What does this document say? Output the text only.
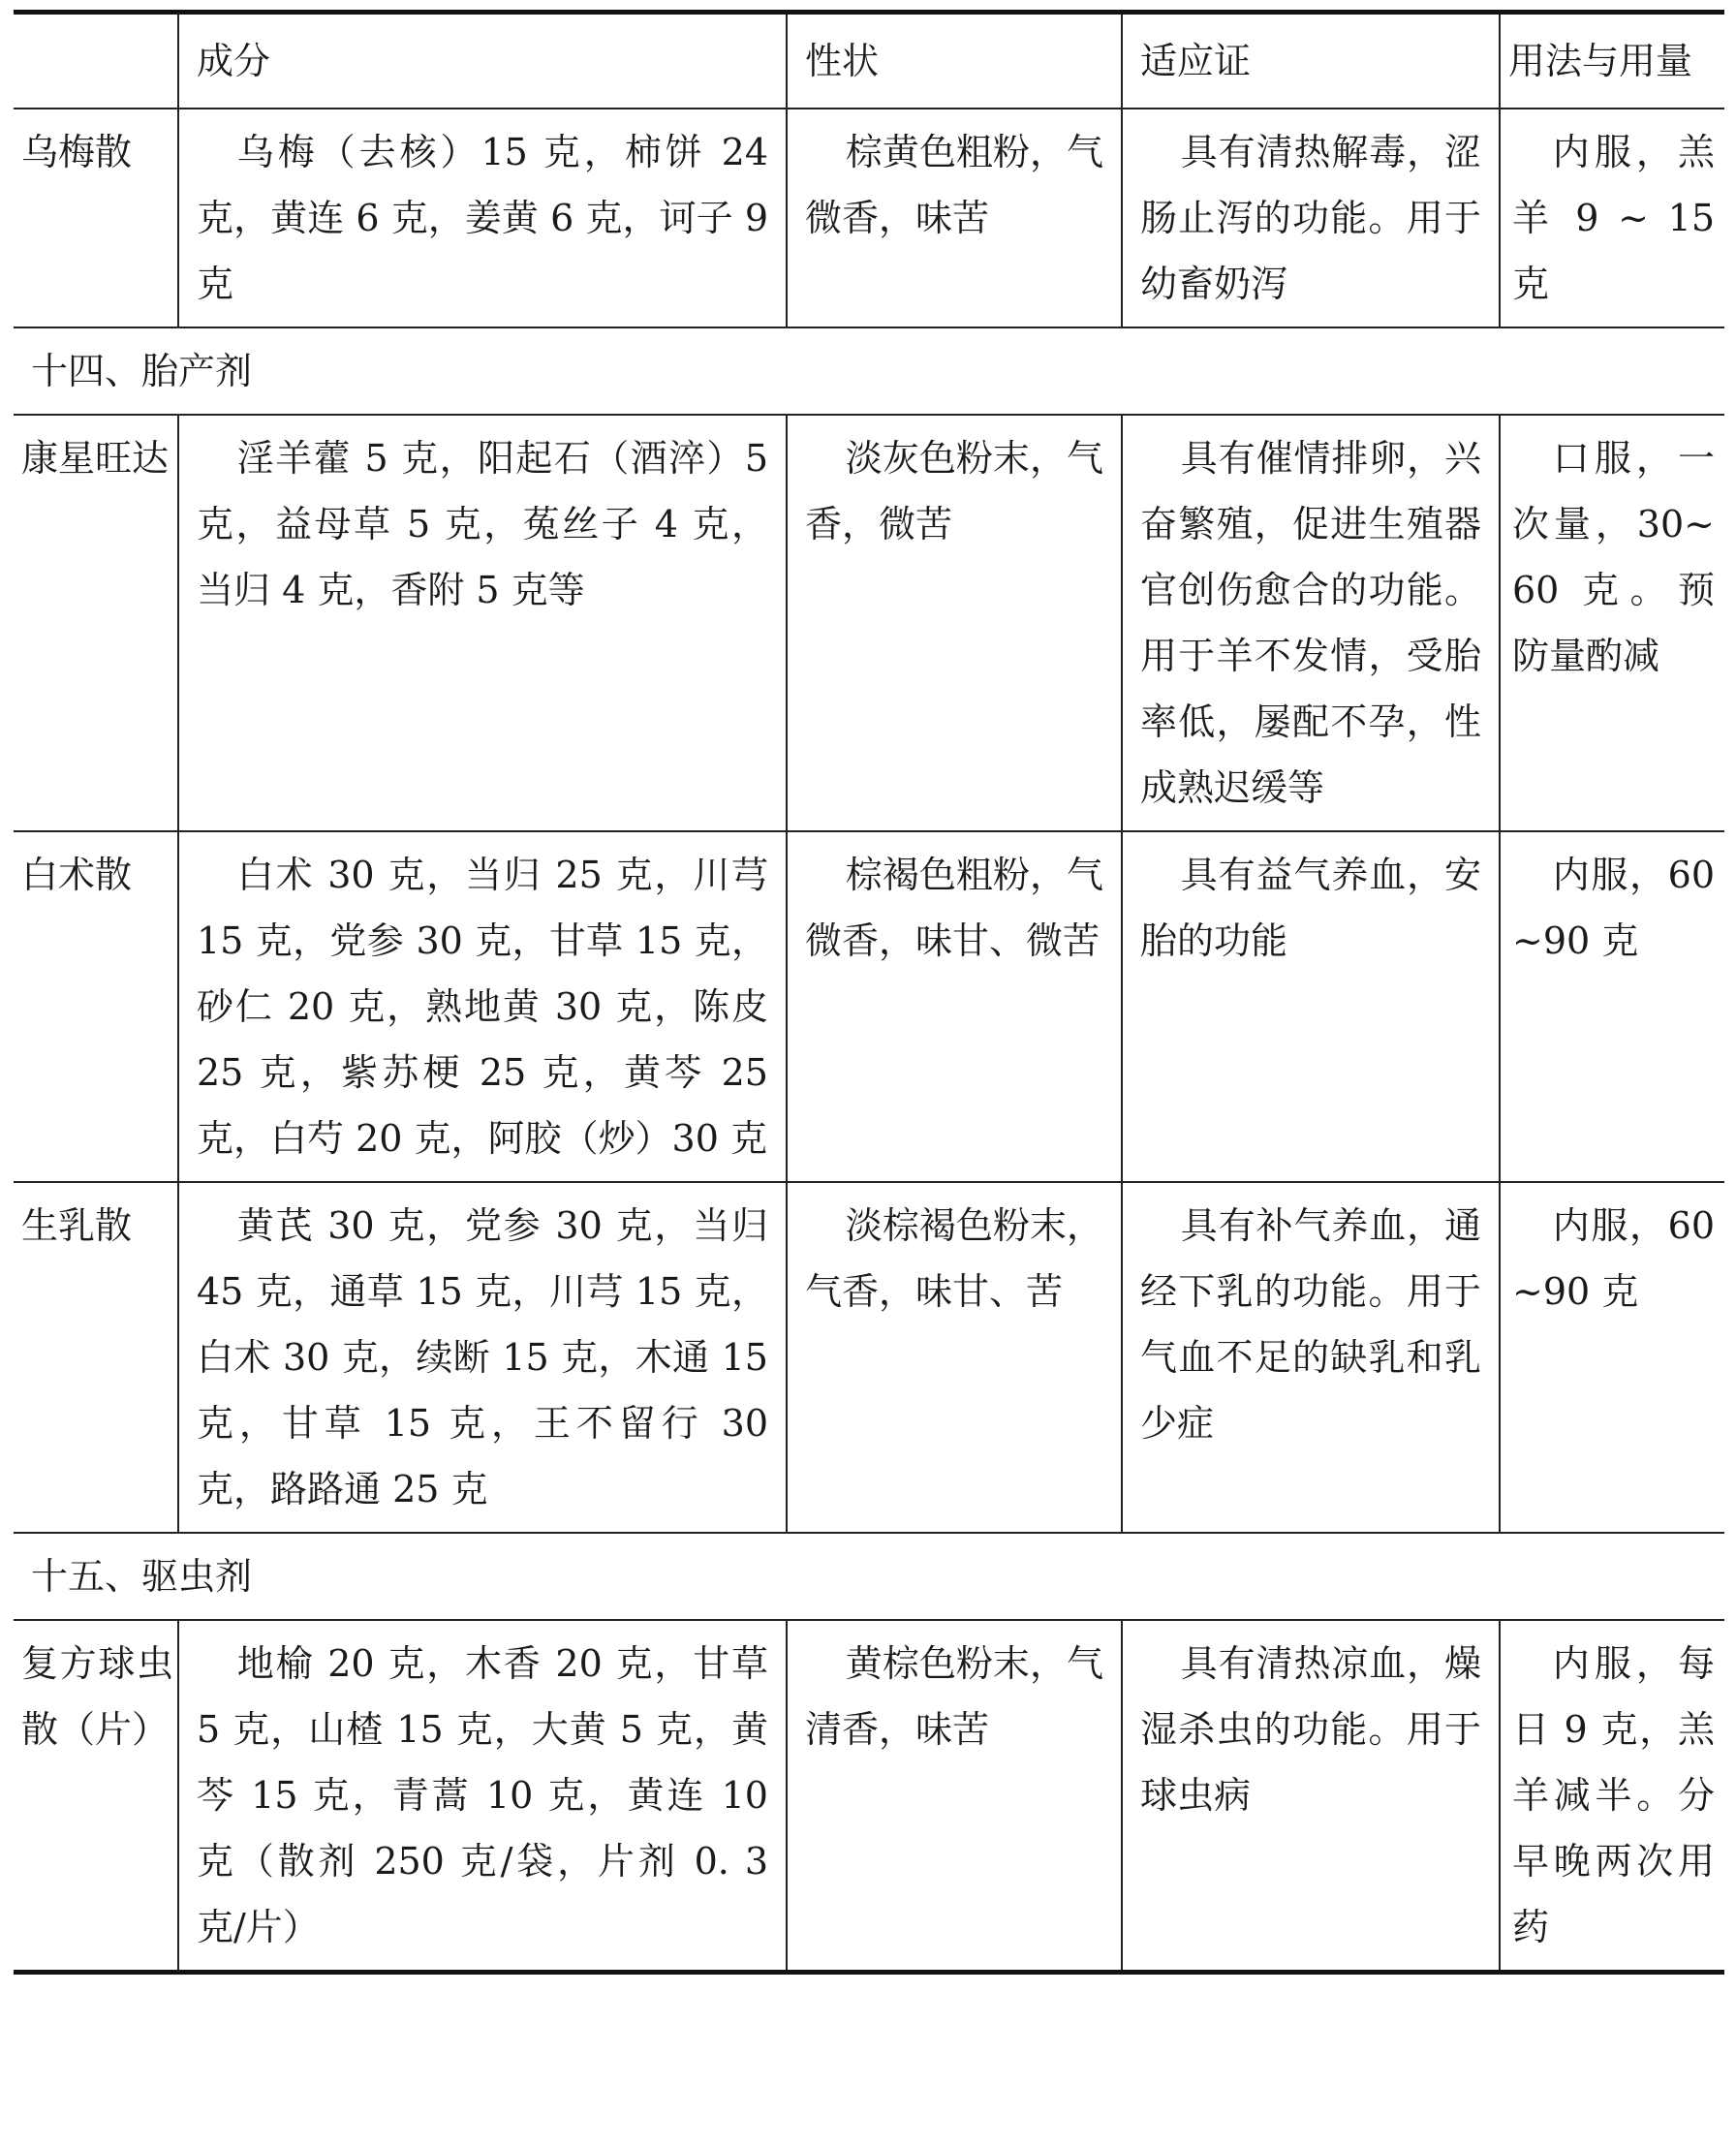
	成分	性状	适应证	用法与用量
乌梅散	乌梅（去核）15 克，柿饼 24 克，黄连 6 克，姜黄 6 克，诃子 9 克	棕黄色粗粉，气微香，味苦	具有清热解毒，涩肠止泻的功能。用于幼畜奶泻	内服，羔羊 9 ~ 15 克
十四、胎产剂				
康星旺达	淫羊藿 5 克，阳起石（酒淬）5 克，益母草 5 克，菟丝子 4 克，当归 4 克，香附 5 克等	淡灰色粉末，气香，微苦	具有催情排卵，兴奋繁殖，促进生殖器官创伤愈合的功能。用于羊不发情，受胎率低，屡配不孕，性成熟迟缓等	口服，一次量，30~60 克。预防量酌减
白术散	白术 30 克，当归 25 克，川芎 15 克，党参 30 克，甘草 15 克，砂仁 20 克，熟地黄 30 克，陈皮 25 克，紫苏梗 25 克，黄芩 25 克，白芍 20 克，阿胶（炒）30 克	棕褐色粗粉，气微香，味甘、微苦	具有益气养血，安胎的功能	内服，60~90 克
生乳散	黄芪 30 克，党参 30 克，当归 45 克，通草 15 克，川芎 15 克，白术 30 克，续断 15 克，木通 15 克，甘草 15 克，王不留行 30 克，路路通 25 克	淡棕褐色粉末，气香，味甘、苦	具有补气养血，通经下乳的功能。用于气血不足的缺乳和乳少症	内服，60~90 克
十五、驱虫剂				
复方球虫散（片）	地榆 20 克，木香 20 克，甘草 5 克，山楂 15 克，大黄 5 克，黄芩 15 克，青蒿 10 克，黄连 10 克（散剂 250 克/袋，片剂 0. 3 克/片）	黄棕色粉末，气清香，味苦	具有清热凉血，燥湿杀虫的功能。用于球虫病	内服，每日 9 克，羔羊减半。分早晚两次用药
